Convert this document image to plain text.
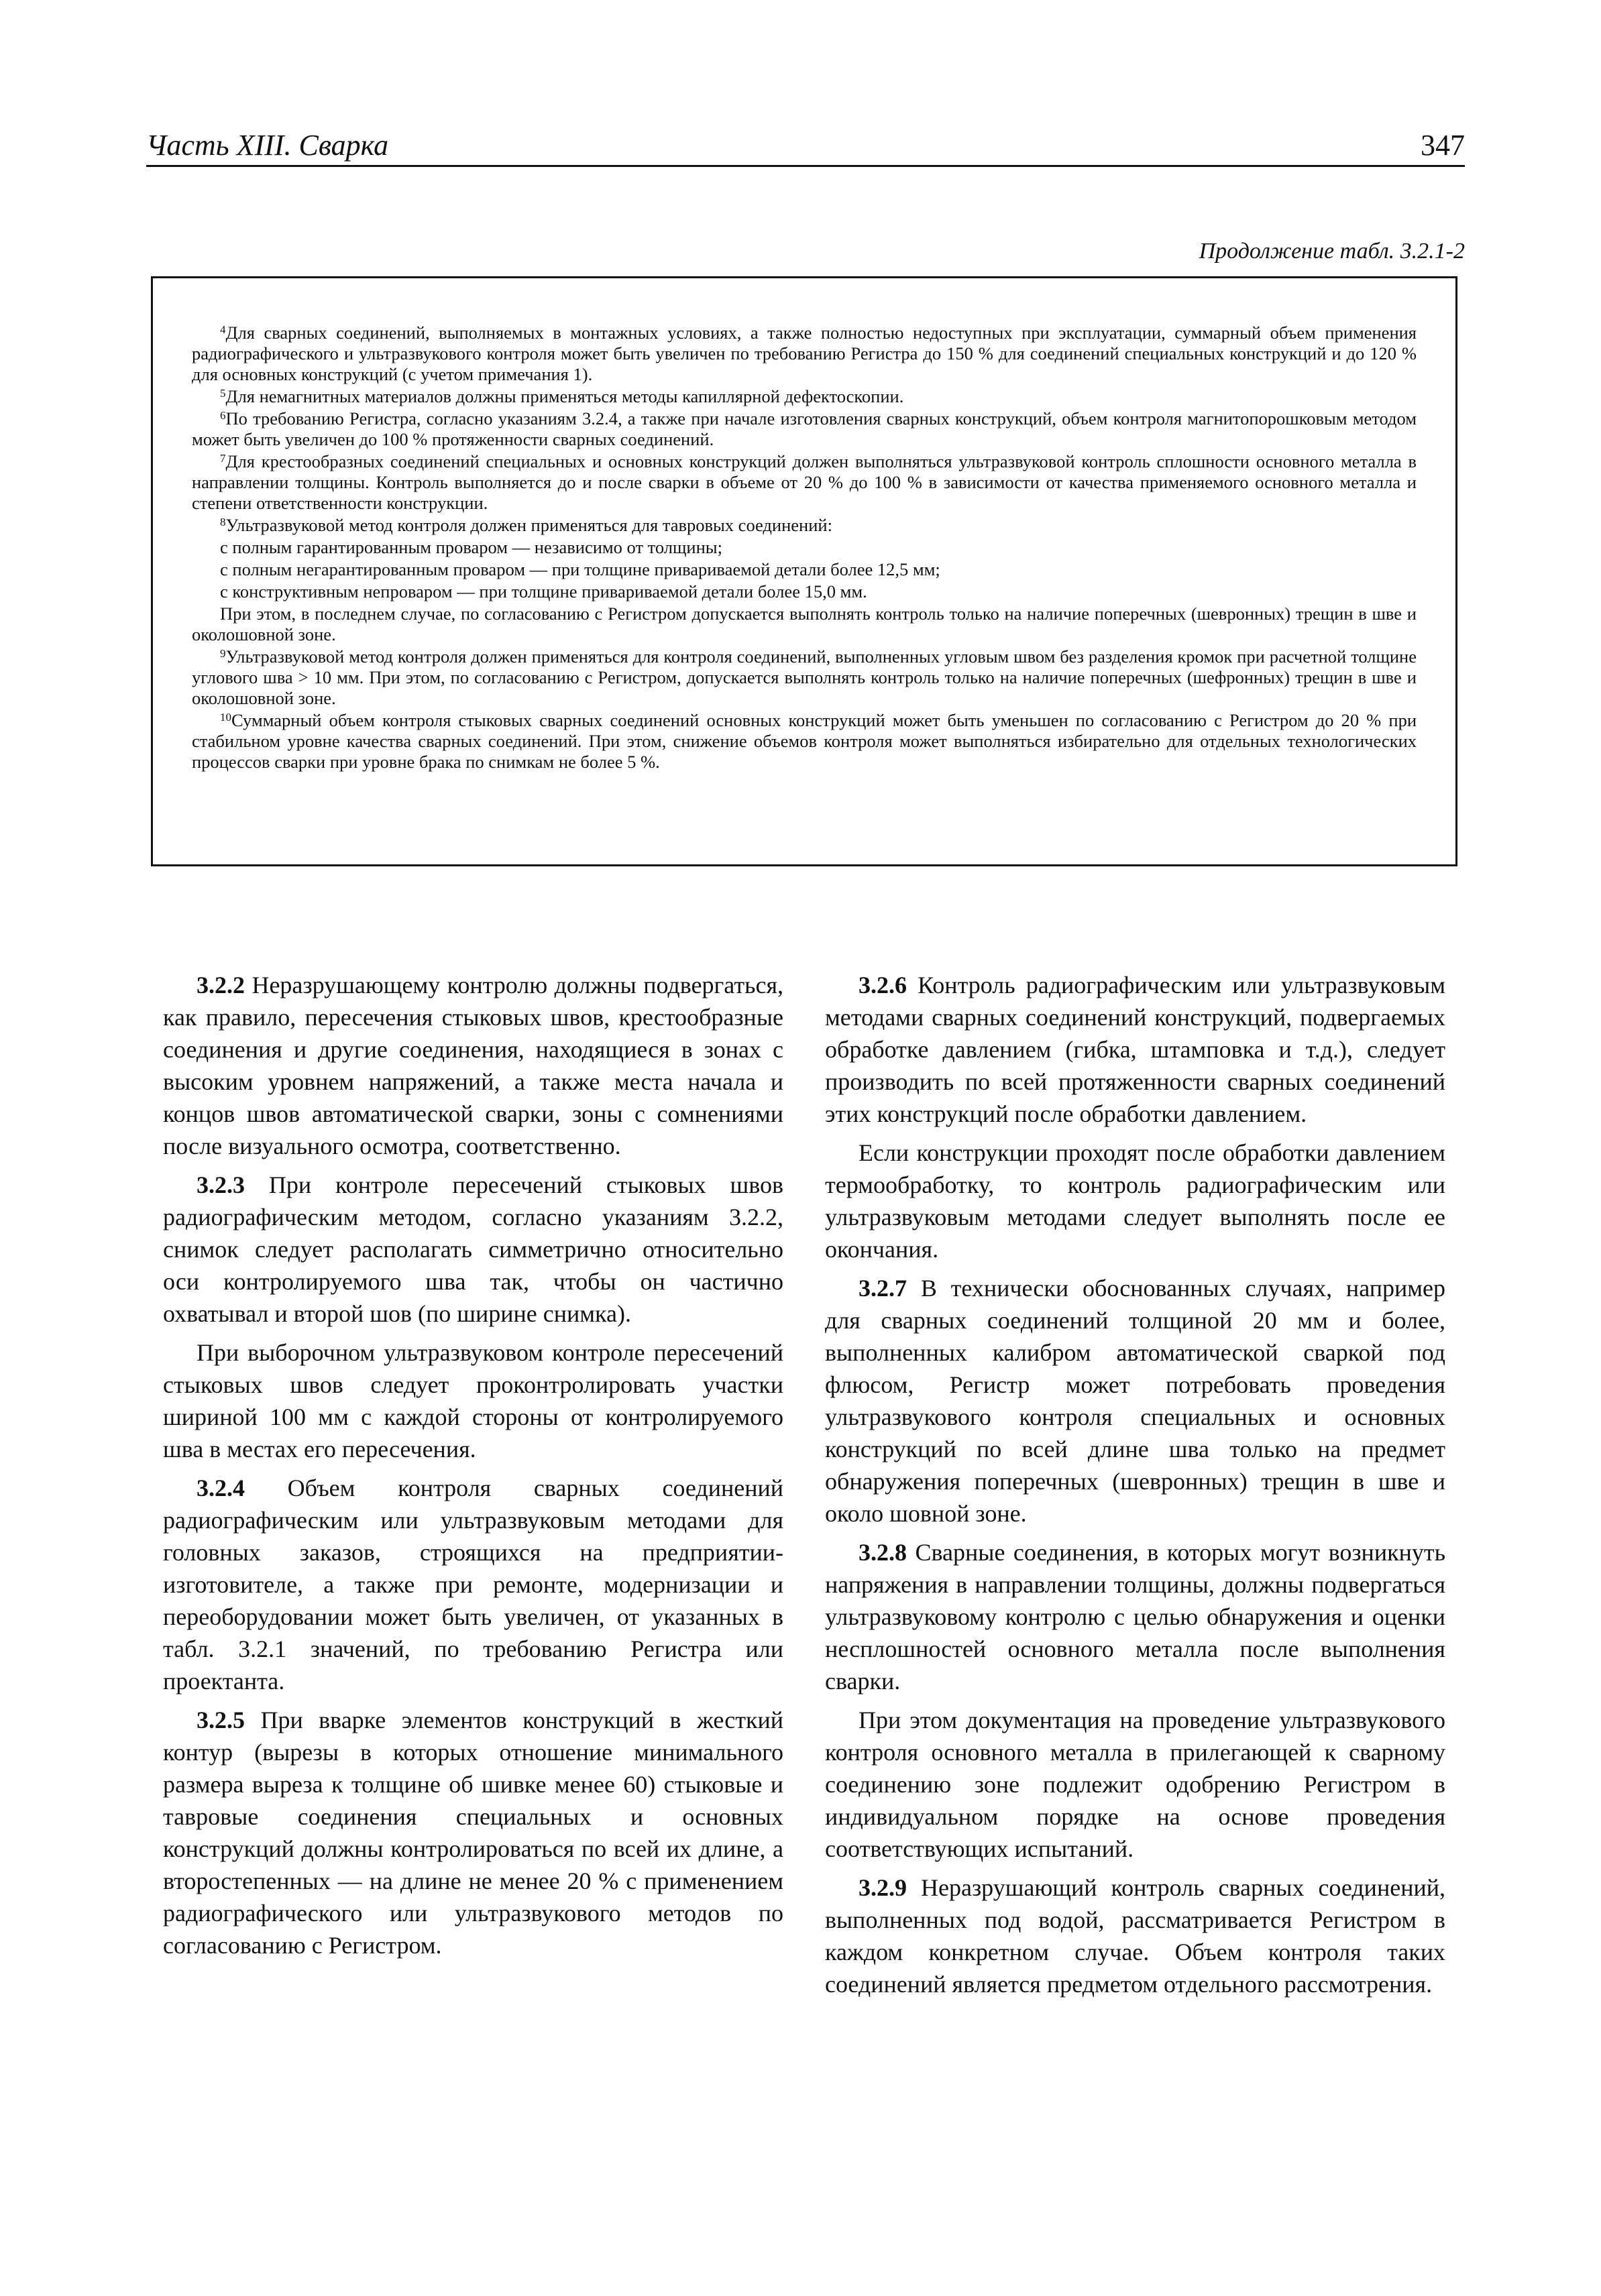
Часть XIII. Сварка	347
Продолжение табл. 3.2.1-2

$^4$Для сварных соединений, выполняемых в монтажных условиях, а также полностью недоступных при эксплуатации, суммарный объем применения радиографического и ультразвукового контроля может быть увеличен по требованию Регистра до 150 % для соединений специальных конструкций и до 120 % для основных конструкций (с учетом примечания 1).

$^5$Для немагнитных материалов должны применяться методы капиллярной дефектоскопии.

$^6$По требованию Регистра, согласно указаниям 3.2.4, а также при начале изготовления сварных конструкций, объем контроля магнитопорошковым методом может быть увеличен до 100 % протяженности сварных соединений.

$^7$Для крестообразных соединений специальных и основных конструкций должен выполняться ультразвуковой контроль сплошности основного металла в направлении толщины. Контроль выполняется до и после сварки в объеме от 20 % до 100 % в зависимости от качества применяемого основного металла и степени ответственности конструкции.

$^8$Ультразвуковой метод контроля должен применяться для тавровых соединений:

с полным гарантированным проваром — независимо от толщины;

с полным негарантированным проваром — при толщине привариваемой детали более 12,5 мм;

с конструктивным непроваром — при толщине привариваемой детали более 15,0 мм.

При этом, в последнем случае, по согласованию с Регистром допускается выполнять контроль только на наличие поперечных (шевронных) трещин в шве и околошовной зоне.

$^9$Ультразвуковой метод контроля должен применяться для контроля соединений, выполненных угловым швом без разделения кромок при расчетной толщине углового шва > 10 мм. При этом, по согласованию с Регистром, допускается выполнять контроль только на наличие поперечных (шефронных) трещин в шве и околошовной зоне.

$^{10}$Суммарный объем контроля стыковых сварных соединений основных конструкций может быть уменьшен по согласованию с Регистром до 20 % при стабильном уровне качества сварных соединений. При этом, снижение объемов контроля может выполняться избирательно для отдельных технологических процессов сварки при уровне брака по снимкам не более 5 %.

3.2.2 Неразрушающему контролю должны подвергаться, как правило, пересечения стыковых швов, крестообразные соединения и другие соединения, находящиеся в зонах с высоким уровнем напряжений, а также места начала и концов швов автоматической сварки, зоны с сомнениями после визуального осмотра, соответственно.

3.2.3 При контроле пересечений стыковых швов радиографическим методом, согласно указаниям 3.2.2, снимок следует располагать симметрично относительно оси контролируемого шва так, чтобы он частично охватывал и второй шов (по ширине снимка).

При выборочном ультразвуковом контроле пересечений стыковых швов следует проконтролировать участки шириной 100 мм с каждой стороны от контролируемого шва в местах его пересечения.

3.2.4 Объем контроля сварных соединений радиографическим или ультразвуковым методами для головных заказов, строящихся на предприятии-изготовителе, а также при ремонте, модернизации и переоборудовании может быть увеличен, от указанных в табл. 3.2.1 значений, по требованию Регистра или проектанта.

3.2.5 При вварке элементов конструкций в жесткий контур (вырезы в которых отношение минимального размера выреза к толщине об шивке менее 60) стыковые и тавровые соединения специальных и основных конструкций должны контролироваться по всей их длине, а второстепенных — на длине не менее 20 % с применением радиографического или ультразвукового методов по согласованию с Регистром.

3.2.6 Контроль радиографическим или ультразвуковым методами сварных соединений конструкций, подвергаемых обработке давлением (гибка, штамповка и т.д.), следует производить по всей протяженности сварных соединений этих конструкций после обработки давлением.

Если конструкции проходят после обработки давлением термообработку, то контроль радиографическим или ультразвуковым методами следует выполнять после ее окончания.

3.2.7 В технически обоснованных случаях, например для сварных соединений толщиной 20 мм и более, выполненных калибром автоматической сваркой под флюсом, Регистр может потребовать проведения ультразвукового контроля специальных и основных конструкций по всей длине шва только на предмет обнаружения поперечных (шевронных) трещин в шве и около шовной зоне.

3.2.8 Сварные соединения, в которых могут возникнуть напряжения в направлении толщины, должны подвергаться ультразвуковому контролю с целью обнаружения и оценки несплошностей основного металла после выполнения сварки.

При этом документация на проведение ультразвукового контроля основного металла в прилегающей к сварному соединению зоне подлежит одобрению Регистром в индивидуальном порядке на основе проведения соответствующих испытаний.

3.2.9 Неразрушающий контроль сварных соединений, выполненных под водой, рассматривается Регистром в каждом конкретном случае. Объем контроля таких соединений является предметом отдельного рассмотрения.
